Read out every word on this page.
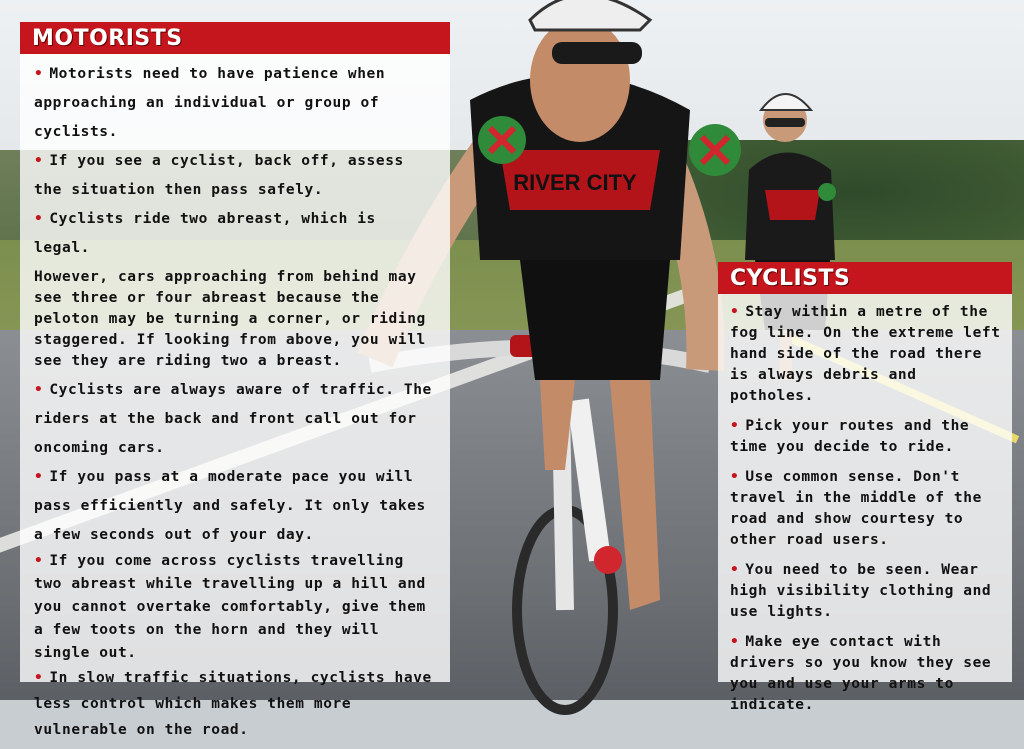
RIVER CITY
MOTORISTS

• Motorists need to have patience when approaching an individual or group of cyclists.

• If you see a cyclist, back off, assess the situation then pass safely.

• Cyclists ride two abreast, which is legal.

However, cars approaching from behind may see three or four abreast because the peloton may be turning a corner, or riding staggered. If looking from above, you will see they are riding two a breast.

• Cyclists are always aware of traffic. The riders at the back and front call out for oncoming cars.

• If you pass at a moderate pace you will pass efficiently and safely. It only takes a few seconds out of your day.

• If you come across cyclists travelling two abreast while travelling up a hill and you cannot overtake comfortably, give them a few toots on the horn and they will single out.

• In slow traffic situations, cyclists have less control which makes them more vulnerable on the road.

CYCLISTS

• Stay within a metre of the fog line. On the extreme left hand side of the road there is always debris and potholes.

• Pick your routes and the time you decide to ride.

• Use common sense. Don't travel in the middle of the road and show courtesy to other road users.

• You need to be seen. Wear high visibility clothing and use lights.

• Make eye contact with drivers so you know they see you and use your arms to indicate.
